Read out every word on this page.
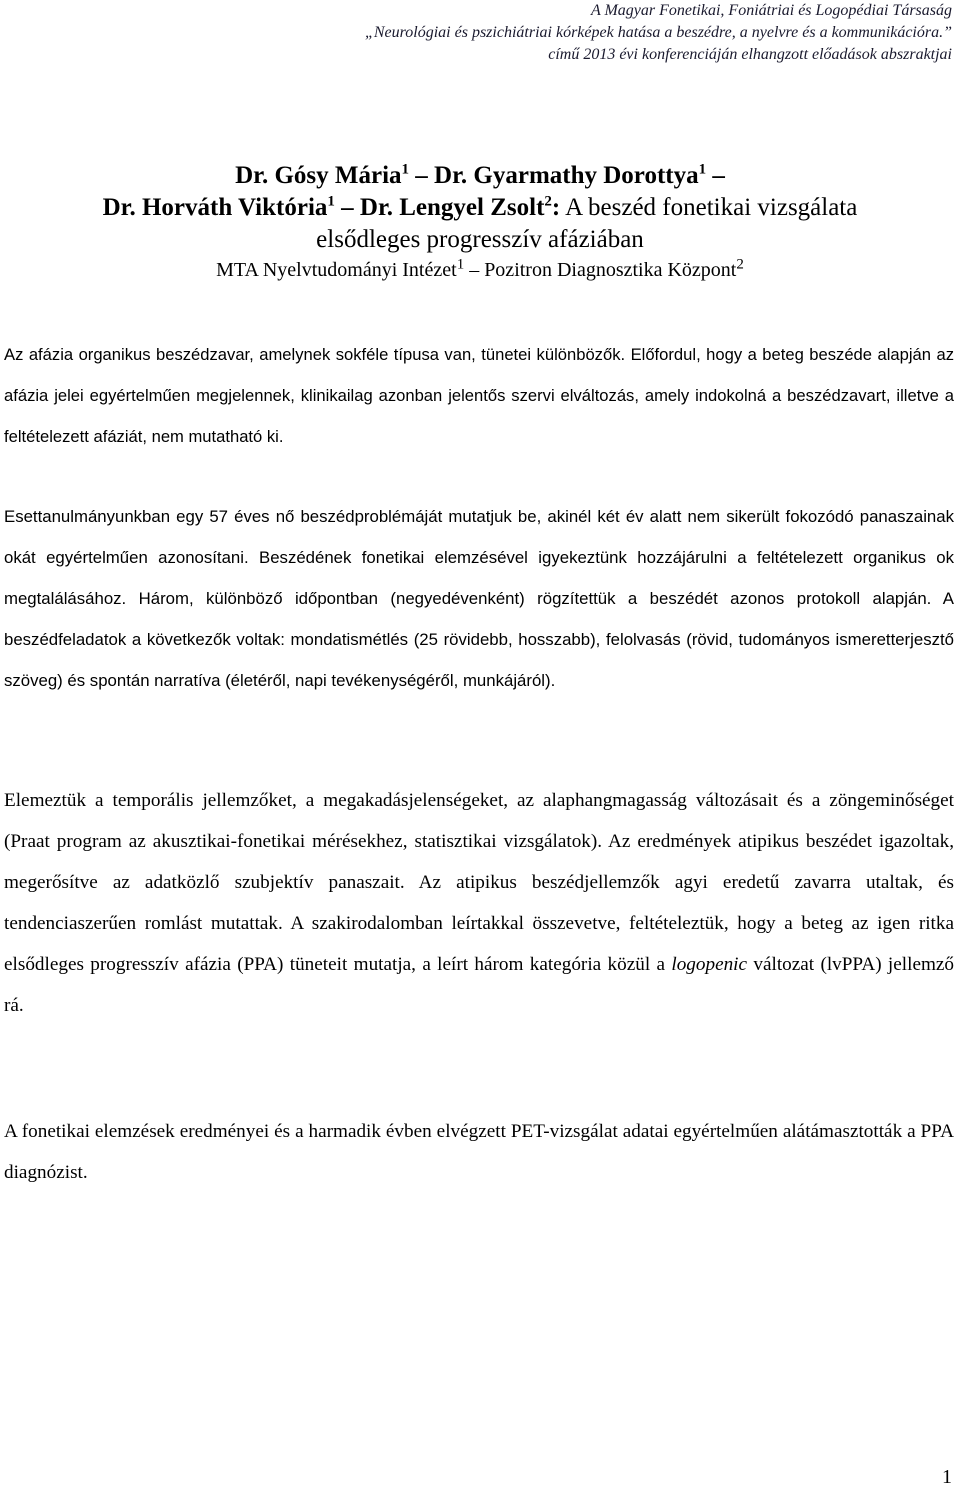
A Magyar Fonetikai, Foniátriai és Logopédiai Társaság
„Neurológiai és pszichiátriai kórképek hatása a beszédre, a nyelvre és a kommunikációra.”
című 2013 évi konferenciáján elhangzott előadások abszraktjai
Dr. Gósy Mária$^1$ – Dr. Gyarmathy Dorottya$^1$ –
Dr. Horváth Viktória$^1$ – Dr. Lengyel Zsolt$^2$: A beszéd fonetikai vizsgálata
elsődleges progresszív afáziában
MTA Nyelvtudományi Intézet$^1$ – Pozitron Diagnosztika Központ$^2$

Az afázia organikus beszédzavar, amelynek sokféle típusa van, tünetei különbözők. Előfordul, hogy a beteg beszéde alapján az afázia jelei egyértelműen megjelennek, klinikailag azonban jelentős szervi elváltozás, amely indokolná a beszédzavart, illetve a feltételezett afáziát, nem mutatható ki.

Esettanulmányunkban egy 57 éves nő beszédproblémáját mutatjuk be, akinél két év alatt nem sikerült fokozódó panaszainak okát egyértelműen azonosítani. Beszédének fonetikai elemzésével igyekeztünk hozzájárulni a feltételezett organikus ok megtalálásához. Három, különböző időpontban (negyedévenként) rögzítettük a beszédét azonos protokoll alapján. A beszédfeladatok a következők voltak: mondatismétlés (25 rövidebb, hosszabb), felolvasás (rövid, tudományos ismeretterjesztő szöveg) és spontán narratíva (életéről, napi tevékenységéről, munkájáról).

Elemeztük a temporális jellemzőket, a megakadásjelenségeket, az alaphangmagasság változásait és a zöngeminőséget (Praat program az akusztikai-fonetikai mérésekhez, statisztikai vizsgálatok). Az eredmények atipikus beszédet igazoltak, megerősítve az adatközlő szubjektív panaszait. Az atipikus beszédjellemzők agyi eredetű zavarra utaltak, és tendenciaszerűen romlást mutattak. A szakirodalomban leírtakkal összevetve, feltételeztük, hogy a beteg az igen ritka elsődleges progresszív afázia (PPA) tüneteit mutatja, a leírt három kategória közül a logopenic változat (lvPPA) jellemző rá.

A fonetikai elemzések eredményei és a harmadik évben elvégzett PET-vizsgálat adatai egyértelműen alátámasztották a PPA diagnózist.

1
